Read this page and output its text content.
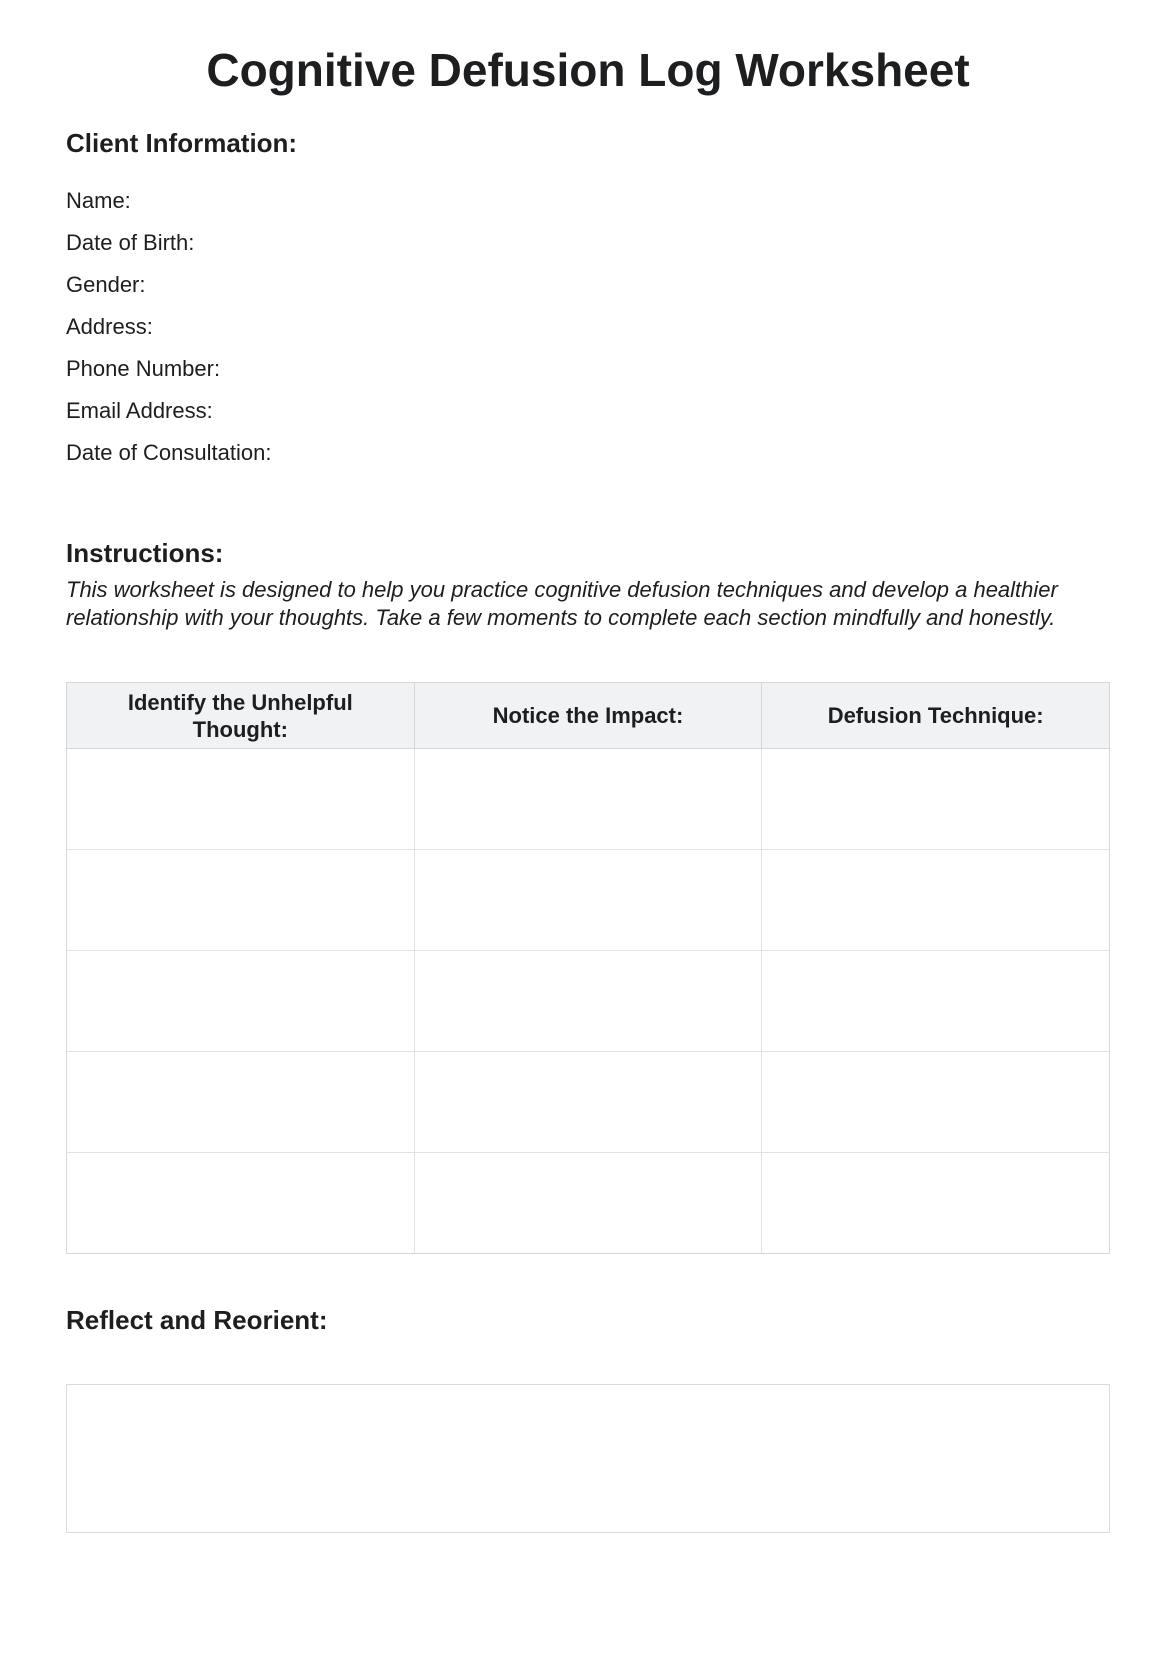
Cognitive Defusion Log Worksheet
Client Information:

Name:

Date of Birth:

Gender:

Address:

Phone Number:

Email Address:

Date of Consultation:

Instructions:

This worksheet is designed to help you practice cognitive defusion techniques and develop a healthier relationship with your thoughts. Take a few moments to complete each section mindfully and honestly.

Identify the Unhelpful Thought:	Notice the Impact:	Defusion Technique:

Reflect and Reorient:
